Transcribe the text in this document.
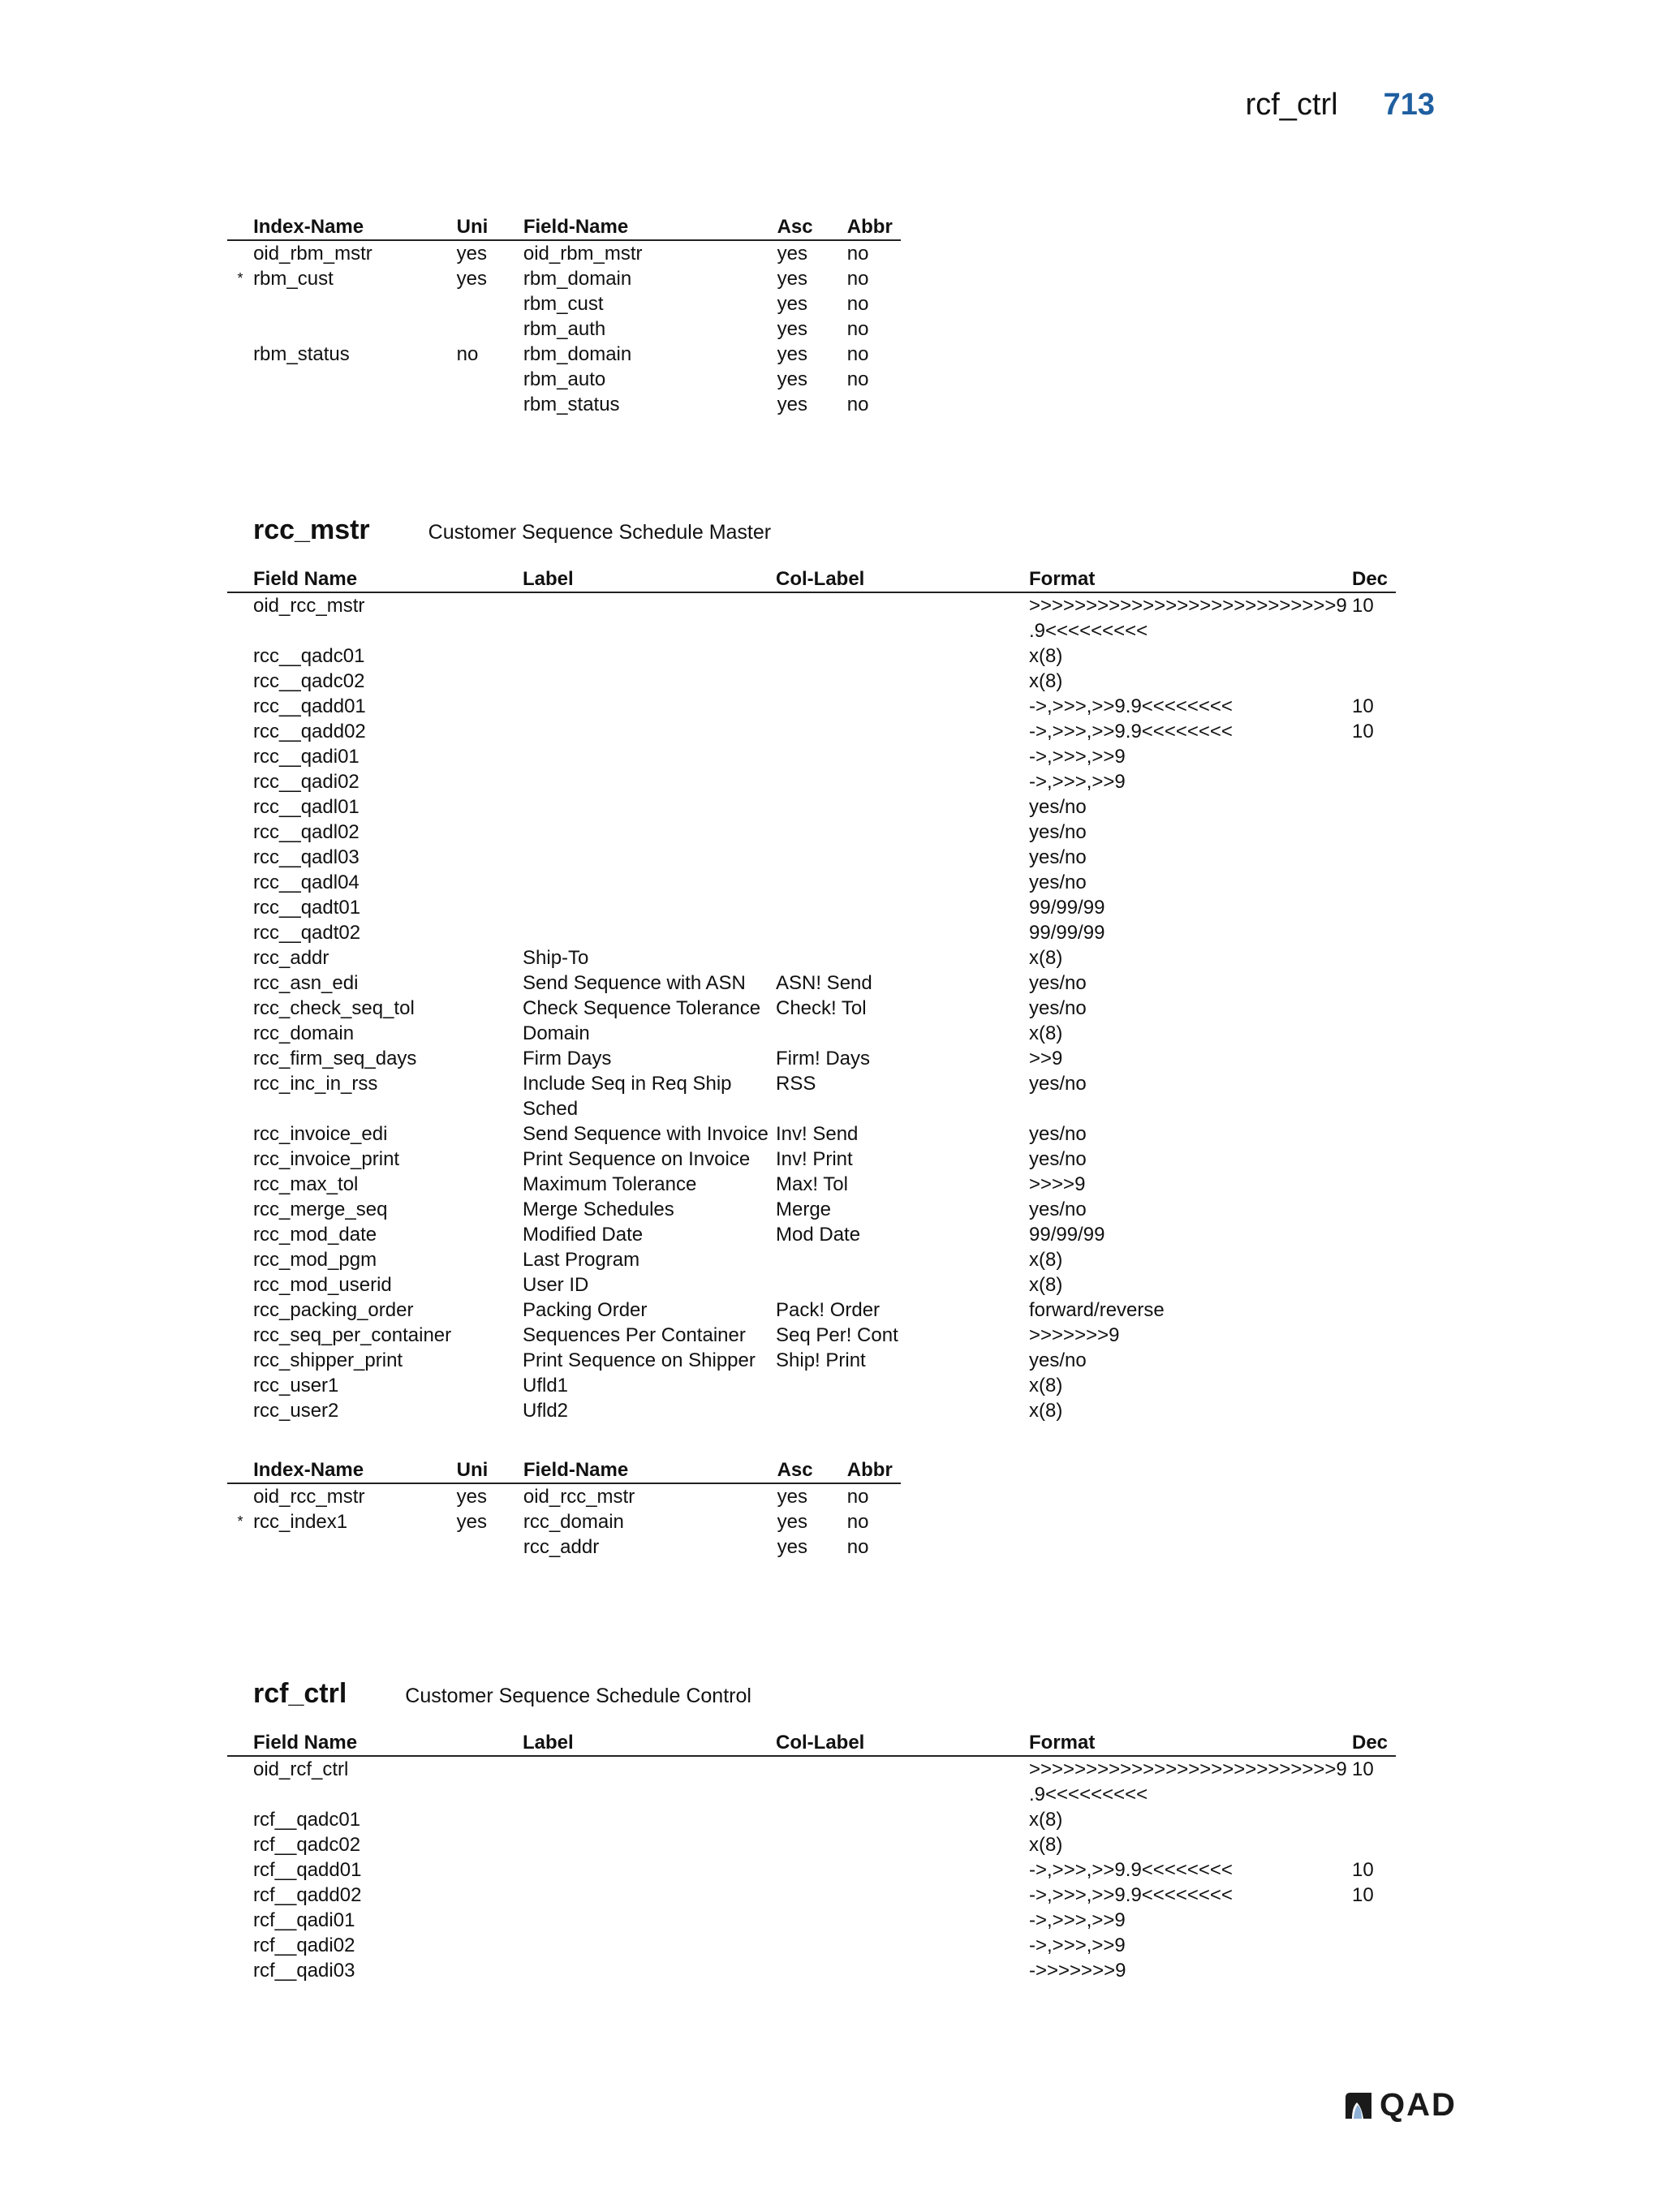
rcf_ctrl 713
	Index-Name	Uni	Field-Name	Asc	Abbr
	oid_rbm_mstr	yes	oid_rbm_mstr	yes	no
*	rbm_cust	yes	rbm_domain	yes	no
			rbm_cust	yes	no
			rbm_auth	yes	no
	rbm_status	no	rbm_domain	yes	no
			rbm_auto	yes	no
			rbm_status	yes	no
rcc_mstr	Customer Sequence Schedule Master
	Field Name	Label	Col-Label	Format	Dec
	oid_rcc_mstr			>>>>>>>>>>>>>>>>>>>>>>>>>>>9
.9<<<<<<<<<	10
	rcc__qadc01			x(8)	

	rcc__qadc02			x(8)	

	rcc__qadd01			->,>>>,>>9.9<<<<<<<<	10
	rcc__qadd02			->,>>>,>>9.9<<<<<<<<	10
	rcc__qadi01			->,>>>,>>9	

	rcc__qadi02			->,>>>,>>9	

	rcc__qadl01			yes/no	

	rcc__qadl02			yes/no	

	rcc__qadl03			yes/no	

	rcc__qadl04			yes/no	

	rcc__qadt01			99/99/99	

	rcc__qadt02			99/99/99	

	rcc_addr	Ship-To		x(8)	

	rcc_asn_edi	Send Sequence with ASN	ASN! Send	yes/no	

	rcc_check_seq_tol	Check Sequence Tolerance	Check! Tol	yes/no	

	rcc_domain	Domain		x(8)	

	rcc_firm_seq_days	Firm Days	Firm! Days	>>9	

	rcc_inc_in_rss	Include Seq in Req Ship Sched	RSS	yes/no	

	rcc_invoice_edi	Send Sequence with Invoice	Inv! Send	yes/no	

	rcc_invoice_print	Print Sequence on Invoice	Inv! Print	yes/no	

	rcc_max_tol	Maximum Tolerance	Max! Tol	>>>>9	

	rcc_merge_seq	Merge Schedules	Merge	yes/no	

	rcc_mod_date	Modified Date	Mod Date	99/99/99	

	rcc_mod_pgm	Last Program		x(8)	

	rcc_mod_userid	User ID		x(8)	

	rcc_packing_order	Packing Order	Pack! Order	forward/reverse	

	rcc_seq_per_container	Sequences Per Container	Seq Per! Cont	>>>>>>>9	

	rcc_shipper_print	Print Sequence on Shipper	Ship! Print	yes/no	

	rcc_user1	Ufld1		x(8)	

	rcc_user2	Ufld2		x(8)	

	Index-Name	Uni	Field-Name	Asc	Abbr
	oid_rcc_mstr	yes	oid_rcc_mstr	yes	no
*	rcc_index1	yes	rcc_domain	yes	no
			rcc_addr	yes	no
rcf_ctrl	Customer Sequence Schedule Control
	Field Name	Label	Col-Label	Format	Dec
	oid_rcf_ctrl			>>>>>>>>>>>>>>>>>>>>>>>>>>>9
.9<<<<<<<<<	10
	rcf__qadc01			x(8)	

	rcf__qadc02			x(8)	

	rcf__qadd01			->,>>>,>>9.9<<<<<<<<	10
	rcf__qadd02			->,>>>,>>9.9<<<<<<<<	10
	rcf__qadi01			->,>>>,>>9	

	rcf__qadi02			->,>>>,>>9	

	rcf__qadi03			->>>>>>>9	

QAD
